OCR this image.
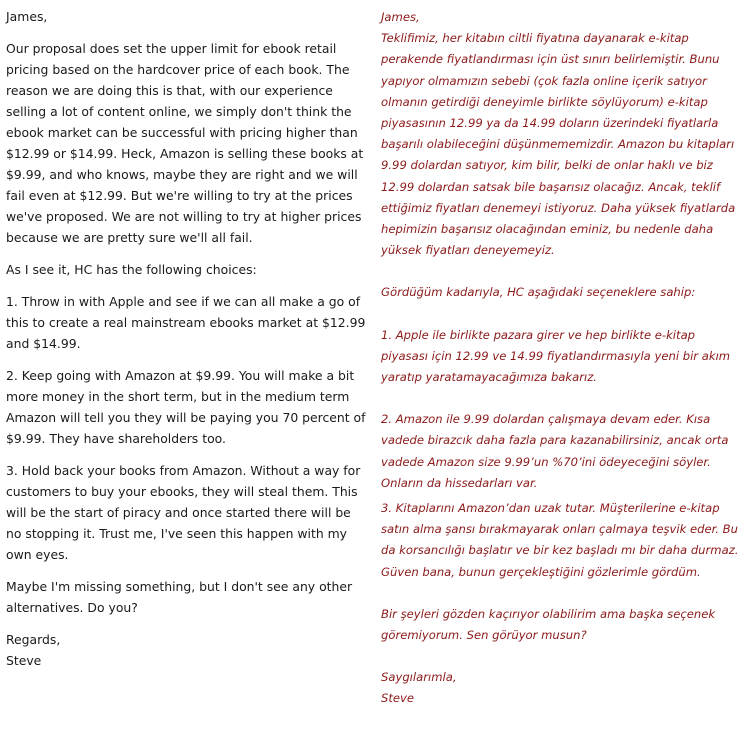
James,

Our proposal does set the upper limit for ebook retail pricing based on the hardcover price of each book. The reason we are doing this is that, with our experience selling a lot of content online, we simply don't think the ebook market can be successful with pricing higher than $12.99 or $14.99. Heck, Amazon is selling these books at $9.99, and who knows, maybe they are right and we will fail even at $12.99. But we're willing to try at the prices we've proposed. We are not willing to try at higher prices because we are pretty sure we'll all fail.

As I see it, HC has the following choices:

1. Throw in with Apple and see if we can all make a go of this to create a real mainstream ebooks market at $12.99 and $14.99.

2. Keep going with Amazon at $9.99. You will make a bit more money in the short term, but in the medium term Amazon will tell you they will be paying you 70 percent of $9.99. They have shareholders too.

3. Hold back your books from Amazon. Without a way for customers to buy your ebooks, they will steal them. This will be the start of piracy and once started there will be no stopping it. Trust me, I've seen this happen with my own eyes.

Maybe I'm missing something, but I don't see any other alternatives. Do you?

Regards,

Steve

James,

Teklifimiz, her kitabın ciltli fiyatına dayanarak e-kitap perakende fiyatlandırması için üst sınırı belirlemiştir. Bunu yapıyor olmamızın sebebi (çok fazla online içerik satıyor olmanın getirdiği deneyimle birlikte söylüyorum) e-kitap piyasasının 12.99 ya da 14.99 doların üzerindeki fiyatlarla başarılı olabileceğini düşünmememizdir. Amazon bu kitapları 9.99 dolardan satıyor, kim bilir, belki de onlar haklı ve biz 12.99 dolardan satsak bile başarısız olacağız. Ancak, teklif ettiğimiz fiyatları denemeyi istiyoruz. Daha yüksek fiyatlarda hepimizin başarısız olacağından eminiz, bu nedenle daha yüksek fiyatları deneyemeyiz.

Gördüğüm kadarıyla, HC aşağıdaki seçeneklere sahip:

1. Apple ile birlikte pazara girer ve hep birlikte e-kitap piyasası için 12.99 ve 14.99 fiyatlandırmasıyla yeni bir akım yaratıp yaratamayacağımıza bakarız.

2. Amazon ile 9.99 dolardan çalışmaya devam eder. Kısa vadede birazcık daha fazla para kazanabilirsiniz, ancak orta vadede Amazon size 9.99’un %70’ini ödeyeceğini söyler. Onların da hissedarları var.

3. Kitaplarını Amazon’dan uzak tutar. Müşterilerine e-kitap satın alma şansı bırakmayarak onları çalmaya teşvik eder. Bu da korsancılığı başlatır ve bir kez başladı mı bir daha durmaz. Güven bana, bunun gerçekleştiğini gözlerimle gördüm.

Bir şeyleri gözden kaçırıyor olabilirim ama başka seçenek göremiyorum. Sen görüyor musun?

Saygılarımla,

Steve
